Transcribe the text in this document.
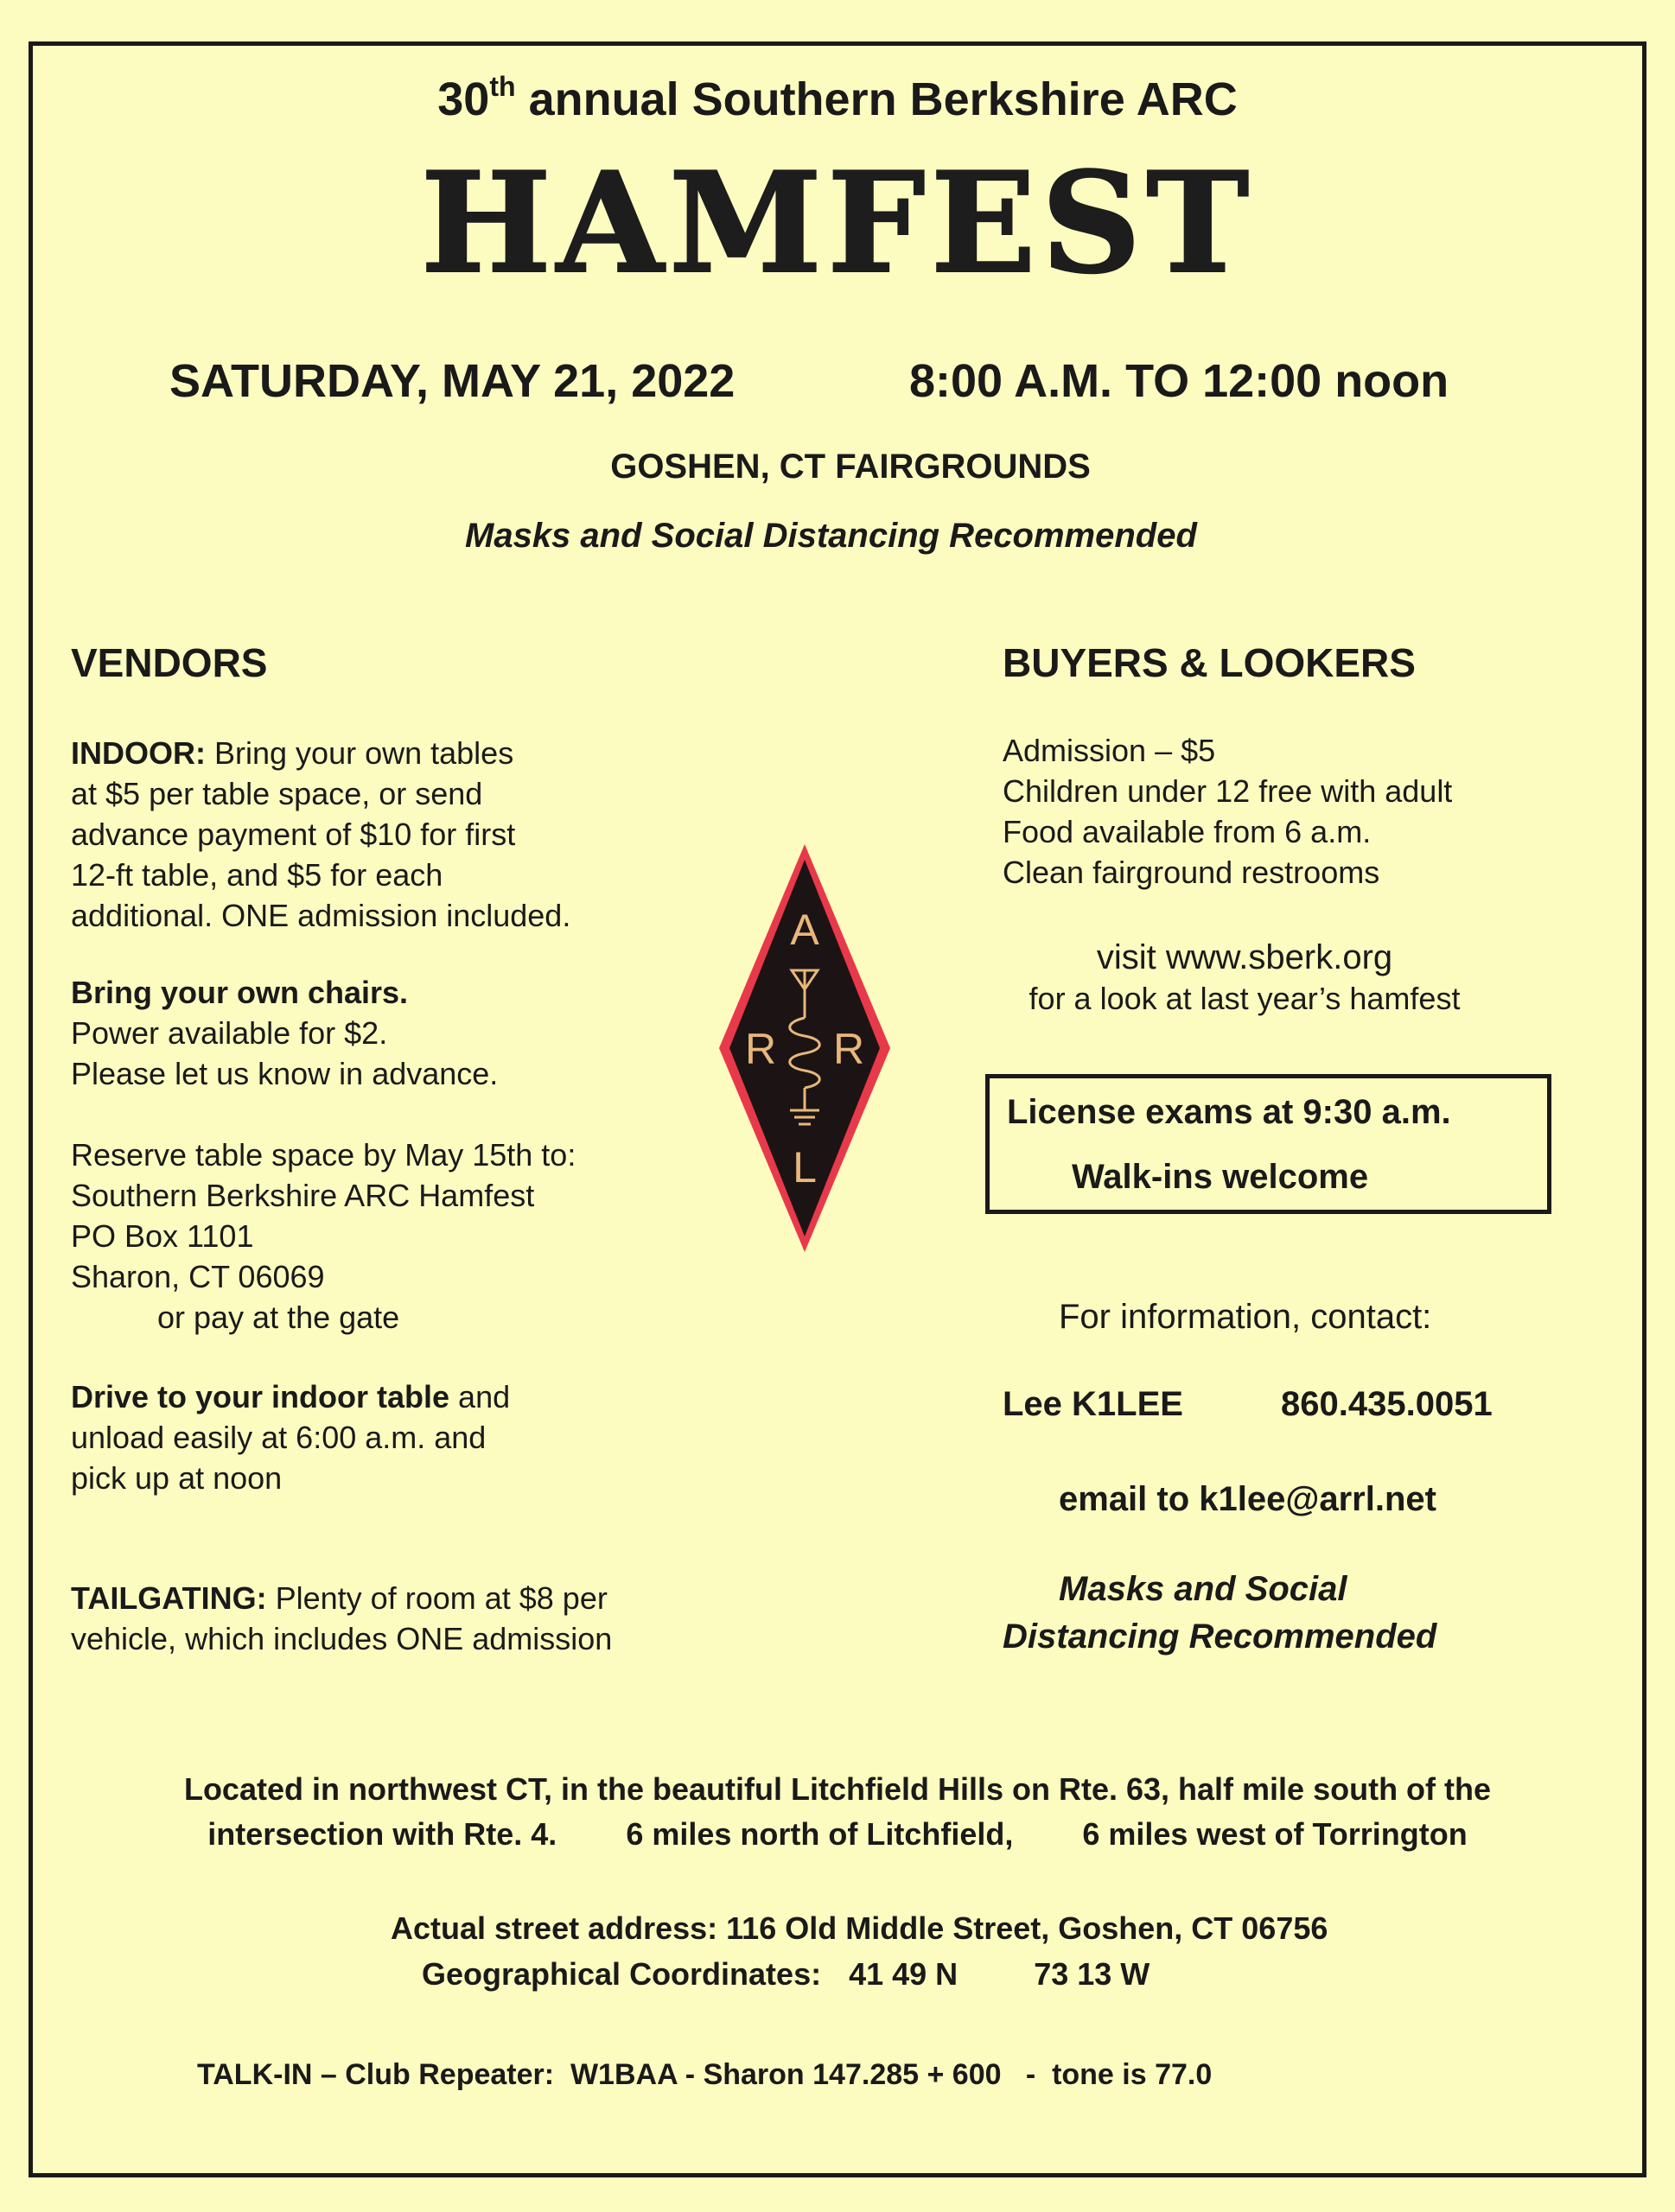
30th annual Southern Berkshire ARC
HAMFEST
SATURDAY, MAY 21, 2022	8:00 A.M. TO 12:00 noon
GOSHEN, CT FAIRGROUNDS
Masks and Social Distancing Recommended
VENDORS

INDOOR: Bring your own tables

at $5 per table space, or send

advance payment of $10 for first

12-ft table, and $5 for each

additional. ONE admission included.

Bring your own chairs.

Power available for $2.

Please let us know in advance.

Reserve table space by May 15th to:

Southern Berkshire ARC Hamfest

PO Box 1101

Sharon, CT 06069

or pay at the gate

Drive to your indoor table and

unload easily at 6:00 a.m. and

pick up at noon

TAILGATING: Plenty of room at $8 per

vehicle, which includes ONE admission

A
R R
L
BUYERS & LOOKERS

Admission – $5

Children under 12 free with adult

Food available from 6 a.m.

Clean fairground restrooms

visit www.sberk.org

for a look at last year’s hamfest

License exams at 9:30 a.m.
Walk-ins welcome
For information, contact:
Lee K1LEE	860.435.0051
email to k1lee@arrl.net
Masks and Social
Distancing Recommended
Located in northwest CT, in the beautiful Litchfield Hills on Rte. 63, half mile south of the
intersection with Rte. 4. 6 miles north of Litchfield, 6 miles west of Torrington
Actual street address: 116 Old Middle Street, Goshen, CT 06756
Geographical Coordinates: 41 49 N 73 13 W
TALK-IN – Club Repeater:  W1BAA - Sharon 147.285 + 600   -  tone is 77.0
